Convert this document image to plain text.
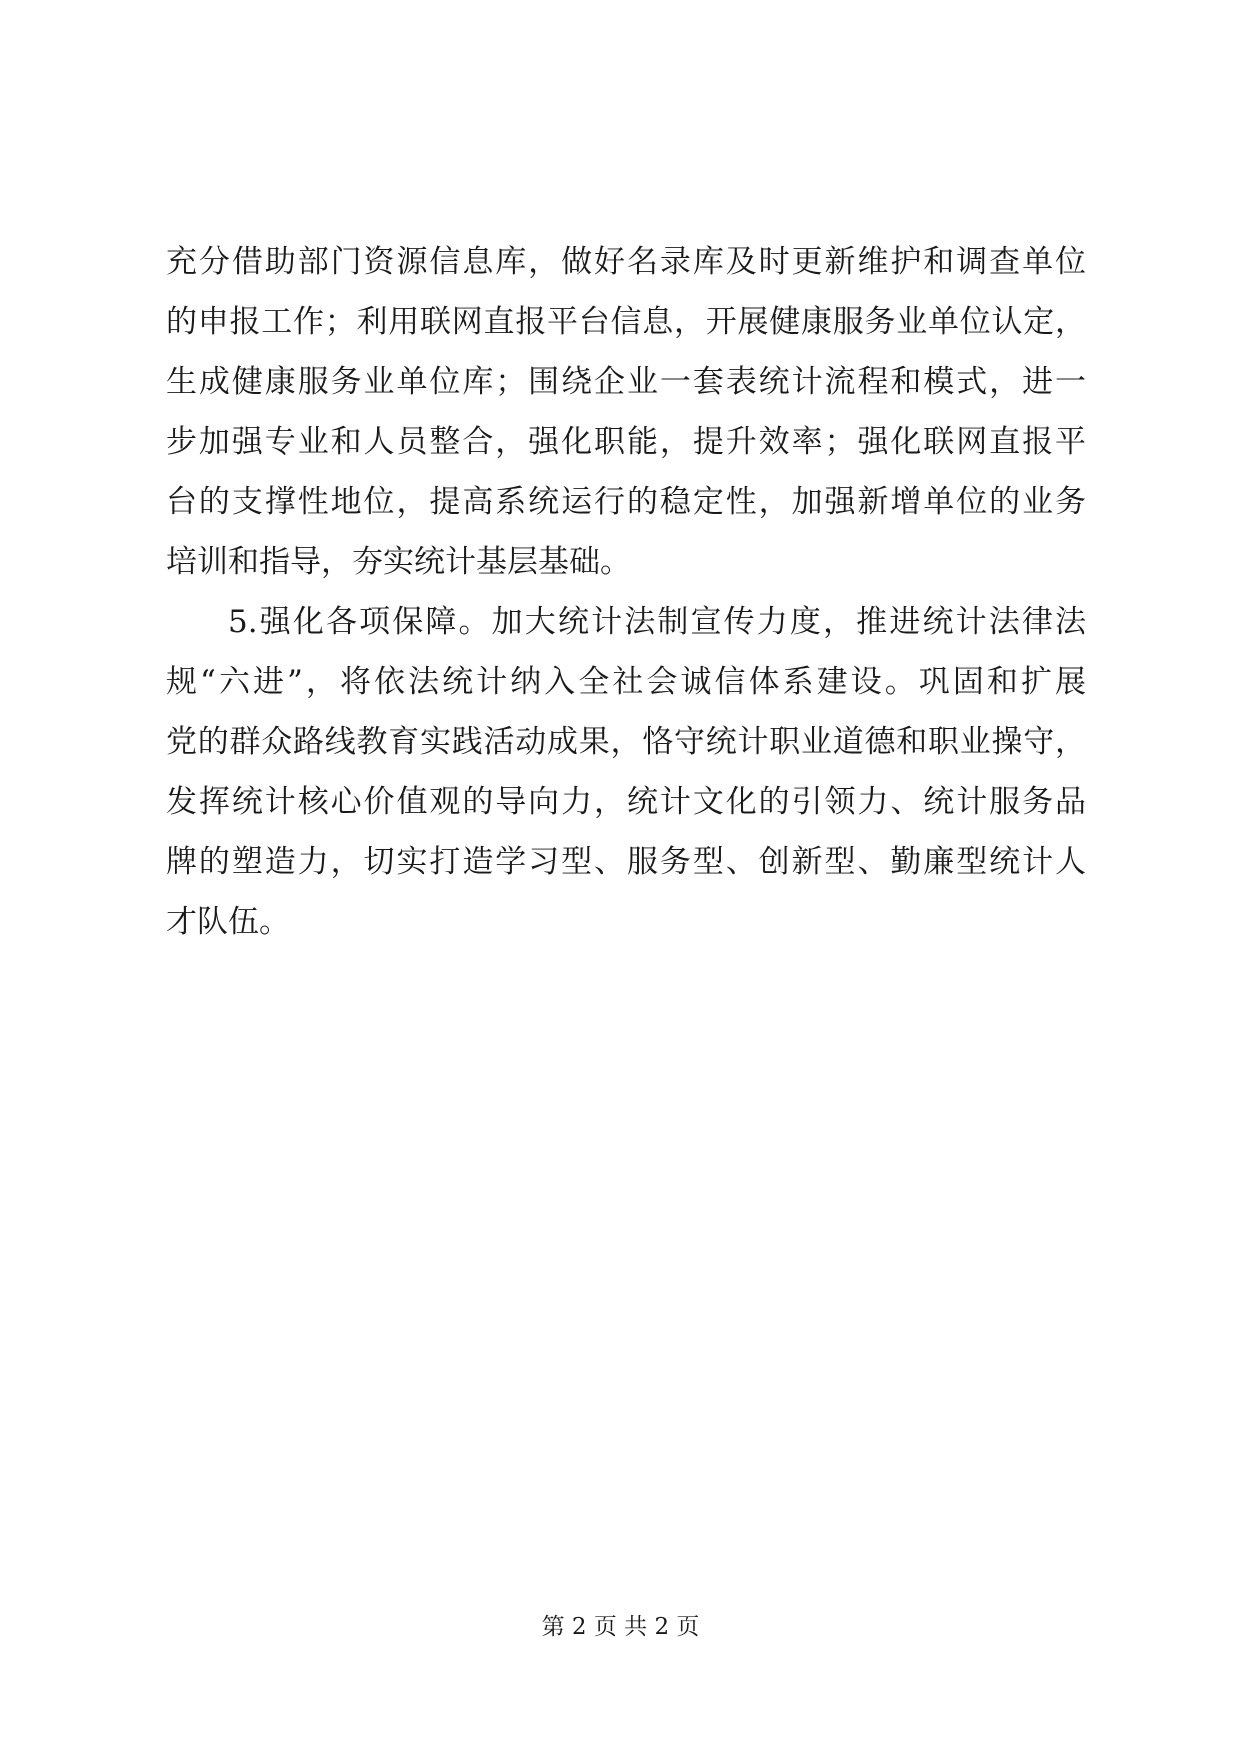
充分借助部门资源信息库，做好名录库及时更新维护和调查单位
的申报工作；利用联网直报平台信息，开展健康服务业单位认定，
生成健康服务业单位库；围绕企业一套表统计流程和模式，进一
步加强专业和人员整合，强化职能，提升效率；强化联网直报平
台的支撑性地位，提高系统运行的稳定性，加强新增单位的业务
培训和指导，夯实统计基层基础。
5.强化各项保障。加大统计法制宣传力度，推进统计法律法
规“六进”，将依法统计纳入全社会诚信体系建设。巩固和扩展
党的群众路线教育实践活动成果，恪守统计职业道德和职业操守，
发挥统计核心价值观的导向力，统计文化的引领力、统计服务品
牌的塑造力，切实打造学习型、服务型、创新型、勤廉型统计人
才队伍。
第 2 页 共 2 页
